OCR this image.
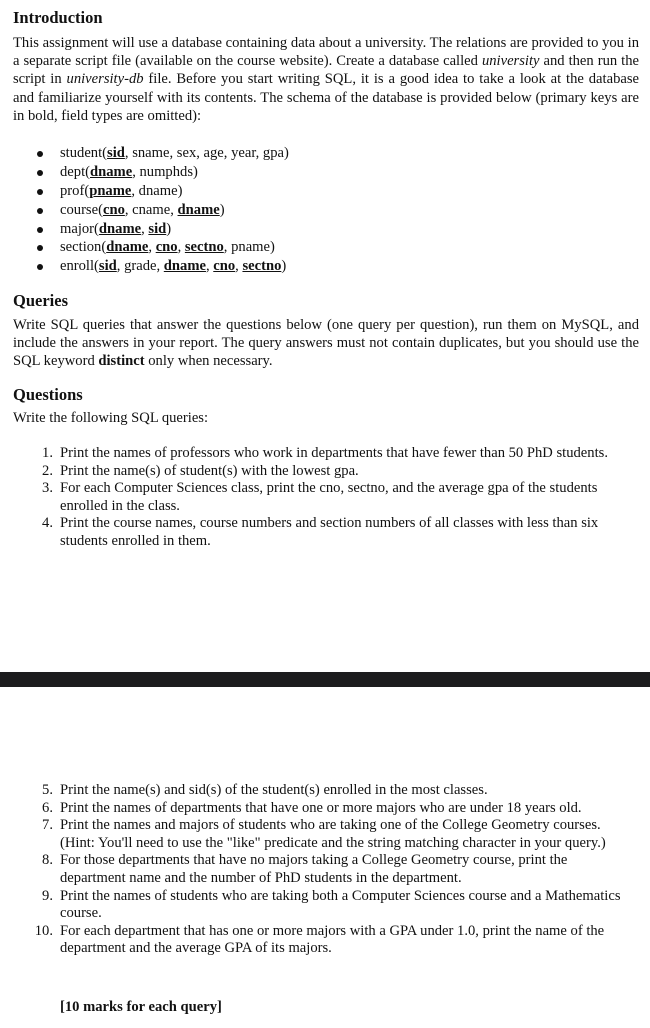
Introduction

This assignment will use a database containing data about a university. The relations are provided to you in a separate script file (available on the course website). Create a database called university and then run the script in university-db file. Before you start writing SQL, it is a good idea to take a look at the database and familiarize yourself with its contents. The schema of the database is provided below (primary keys are in bold, field types are omitted):

student(sid, sname, sex, age, year, gpa)
dept(dname, numphds)
prof(pname, dname)
course(cno, cname, dname)
major(dname, sid)
section(dname, cno, sectno, pname)
enroll(sid, grade, dname, cno, sectno)
Queries

Write SQL queries that answer the questions below (one query per question), run them on MySQL, and include the answers in your report. The query answers must not contain duplicates, but you should use the SQL keyword distinct only when necessary.

Questions

Write the following SQL queries:

1. Print the names of professors who work in departments that have fewer than 50 PhD students.
2. Print the name(s) of student(s) with the lowest gpa.
3. For each Computer Sciences class, print the cno, sectno, and the average gpa of the students enrolled in the class.
4. Print the course names, course numbers and section numbers of all classes with less than six students enrolled in them.
5. Print the name(s) and sid(s) of the student(s) enrolled in the most classes.
6. Print the names of departments that have one or more majors who are under 18 years old.
7. Print the names and majors of students who are taking one of the College Geometry courses. (Hint: You'll need to use the "like" predicate and the string matching character in your query.)
8. For those departments that have no majors taking a College Geometry course, print the department name and the number of PhD students in the department.
9. Print the names of students who are taking both a Computer Sciences course and a Mathematics course.
10. For each department that has one or more majors with a GPA under 1.0, print the name of the department and the average GPA of its majors.

[10 marks for each query]
